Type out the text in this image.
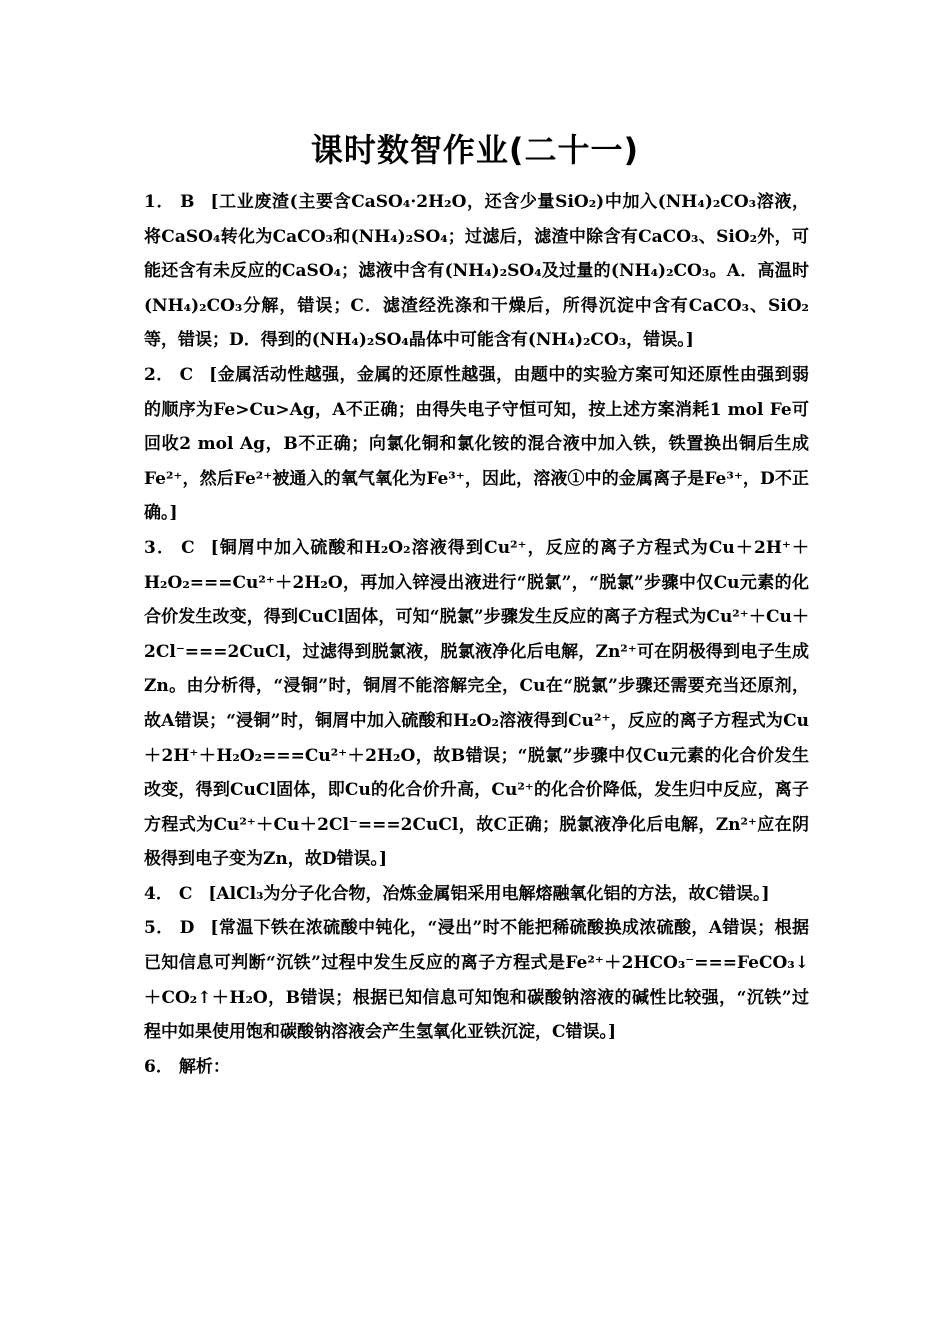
课时数智作业(二十一)

1． B [工业废渣(主要含CaSO₄·2H₂O，还含少量SiO₂)中加入(NH₄)₂CO₃溶液，将CaSO₄转化为CaCO₃和(NH₄)₂SO₄；过滤后，滤渣中除含有CaCO₃、SiO₂外，可能还含有未反应的CaSO₄；滤液中含有(NH₄)₂SO₄及过量的(NH₄)₂CO₃。A．高温时(NH₄)₂CO₃分解，错误；C．滤渣经洗涤和干燥后，所得沉淀中含有CaCO₃、SiO₂等，错误；D．得到的(NH₄)₂SO₄晶体中可能含有(NH₄)₂CO₃，错误。]

2． C [金属活动性越强，金属的还原性越强，由题中的实验方案可知还原性由强到弱的顺序为Fe>Cu>Ag，A不正确；由得失电子守恒可知，按上述方案消耗1 mol Fe可回收2 mol Ag，B不正确；向氯化铜和氯化铵的混合液中加入铁，铁置换出铜后生成Fe²⁺，然后Fe²⁺被通入的氧气氧化为Fe³⁺，因此，溶液①中的金属离子是Fe³⁺，D不正确。]

3． C [铜屑中加入硫酸和H₂O₂溶液得到Cu²⁺，反应的离子方程式为Cu＋2H⁺＋H₂O₂===Cu²⁺＋2H₂O，再加入锌浸出液进行“脱氯”，“脱氯”步骤中仅Cu元素的化合价发生改变，得到CuCl固体，可知“脱氯”步骤发生反应的离子方程式为Cu²⁺＋Cu＋2Cl⁻===2CuCl，过滤得到脱氯液，脱氯液净化后电解，Zn²⁺可在阴极得到电子生成Zn。由分析得，“浸铜”时，铜屑不能溶解完全，Cu在“脱氯”步骤还需要充当还原剂，故A错误；“浸铜”时，铜屑中加入硫酸和H₂O₂溶液得到Cu²⁺，反应的离子方程式为Cu＋2H⁺＋H₂O₂===Cu²⁺＋2H₂O，故B错误；“脱氯”步骤中仅Cu元素的化合价发生改变，得到CuCl固体，即Cu的化合价升高，Cu²⁺的化合价降低，发生归中反应，离子方程式为Cu²⁺＋Cu＋2Cl⁻===2CuCl，故C正确；脱氯液净化后电解，Zn²⁺应在阴极得到电子变为Zn，故D错误。]

4． C [AlCl₃为分子化合物，冶炼金属铝采用电解熔融氧化铝的方法，故C错误。]

5． D [常温下铁在浓硫酸中钝化，“浸出”时不能把稀硫酸换成浓硫酸，A错误；根据已知信息可判断“沉铁”过程中发生反应的离子方程式是Fe²⁺＋2HCO₃⁻===FeCO₃↓＋CO₂↑＋H₂O，B错误；根据已知信息可知饱和碳酸钠溶液的碱性比较强，“沉铁”过程中如果使用饱和碳酸钠溶液会产生氢氧化亚铁沉淀，C错误。]

6． 解析：
